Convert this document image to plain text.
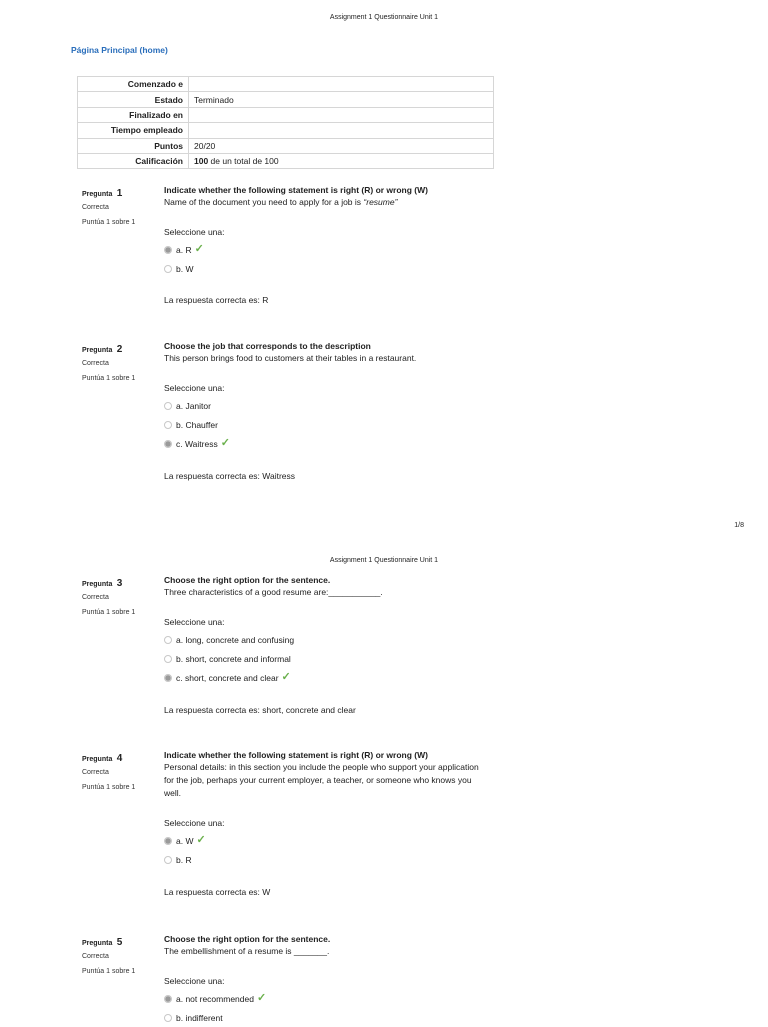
Assignment 1 Questionnaire Unit 1
Página Principal (home)
Comenzado e	
Estado	Terminado
Finalizado en	
Tiempo empleado	
Puntos	20/20
Calificación	100 de un total de 100
Pregunta 1
Correcta
Puntúa 1 sobre 1
Indicate whether the following statement is right (R) or wrong (W)
Name of the document you need to apply for a job is “resume”
Seleccione una:
a. R ✓
b. W
La respuesta correcta es: R
Pregunta 2
Correcta
Puntúa 1 sobre 1
Choose the job that corresponds to the description
This person brings food to customers at their tables in a restaurant.
Seleccione una:
a. Janitor
b. Chauffer
c. Waitress ✓
La respuesta correcta es: Waitress
1/8
Assignment 1 Questionnaire Unit 1
Pregunta 3
Correcta
Puntúa 1 sobre 1
Choose the right option for the sentence.
Three characteristics of a good resume are:___________.
Seleccione una:
a. long, concrete and confusing
b. short, concrete and informal
c. short, concrete and clear ✓
La respuesta correcta es: short, concrete and clear
Pregunta 4
Correcta
Puntúa 1 sobre 1
Indicate whether the following statement is right (R) or wrong (W)
Personal details: in this section you include the people who support your application for the job, perhaps your current employer, a teacher, or someone who knows you well.
Seleccione una:
a. W ✓
b. R
La respuesta correcta es: W
Pregunta 5
Correcta
Puntúa 1 sobre 1
Choose the right option for the sentence.
The embellishment of a resume is _______.
Seleccione una:
a. not recommended ✓
b. indifferent
